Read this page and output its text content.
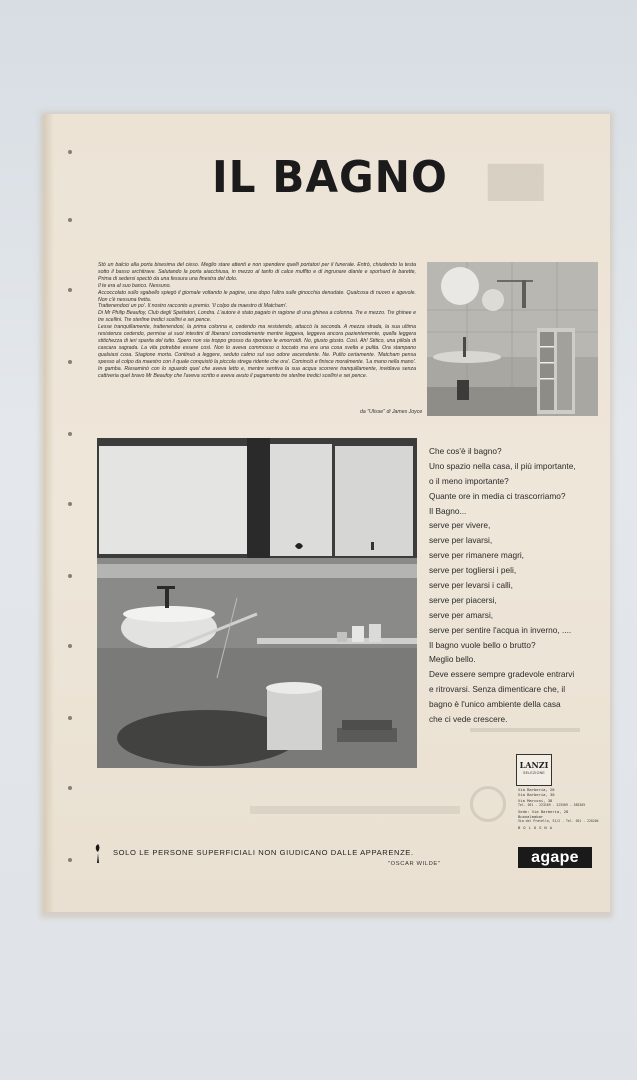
▇▇
IL BAGNO

Stò un balcio alla porta bisesima del cieso. Meglio stare attenti e non spendere quelli portatori per il funerale. Entrò, chiudendo la testa sotto il basso architrave. Salutando la porta aiacchiusa, in mezzo al tanfo di calce muffito e di ingrunare diante e sporhard le barette, Prima di sedersi spectò da una fessura una finestra del dolo.

Il te era al suo banco. Nessuno.

Accoccolato sullo sgabello spiegò il giornale voltando le pagine, una dopo l'altra sulle ginocchia denudate. Qualcosa di nuovo e agevole. Non c'è nessuna fretta.

Trattenendoci un po'. Il nostro racconto a premio. 'Il colpo da maestro di Matcham'.

Di Mr Philip Beaufoy, Club degli Spettatori, Londra. L'autore è stato pagato in ragione di una ghinea a colonna. Tre e mezzo. Tre ghinee e tre scellini. Tre sterline tredici scellini e sei pence.

Lesse tranquillamente, trattenendosi, la prima colonna e, cedendo ma resistendo, attaccò la seconda. A mezza strada, la sua ultima resistenza cedendo, permise ai suoi intestini di liberarsi comodamente mentre leggeva, leggeva ancora pazientemente, quella leggera stitichezza di ieri sparita del tutto. Spero non sia troppo grosso da riportare le emorroidi. No, giusto giusto. Così. Ah! Stitico, una pillola di cascara sagrada. La vita potrebbe essere così. Non lo aveva commosso o toccato ma era una cosa svelta e pulita. Ora stampano qualsiasi cosa. Stagione morta. Continuò a leggere, seduto calmo sul suo odore ascendente. Ne. Pulito certamente. 'Matcham pensa spesso al colpo da maestro con il quale conquistò la piccola strega ridente che ora'. Cominciò e finisce moralmente. 'La mano nella mano'. In gamba. Riesaminò con lo sguardo quel che aveva letto e, mentre sentiva la sua acqua scorrere tranquillamente, invidiava senza cattiveria quel bravo Mr Beaufoy che l'aveva scritto e aveva avuto il pagamento tre sterline tredici scellini e sei pence.

da "Ulisse" di James Joyce
Che cos'è il bagno?
Uno spazio nella casa, il più importante,
o il meno importante?
Quante ore in media ci trascorriamo?
Il Bagno...
serve per vivere,
serve per lavarsi,
serve per rimanere magri,
serve per togliersi i peli,
serve per levarsi i calli,
serve per piacersi,
serve per amarsi,
serve per sentire l'acqua in inverno, ....
Il bagno vuole bello o brutto?
Meglio bello.
Deve essere sempre gradevole entrarvi
e ritrovarsi. Senza dimenticare che, il
bagno è l'unico ambiente della casa
che ci vede crescere.
LANZI
SELEZIONE
Via Barberia, 28
Via Barberia, 30
Via Marconi, 38
Tel. 051 - 223169 - 225509 - 585365
Sede: Via Barberia, 28
Buonalmabar
Via del Pratello, 51/2 - Tel. 051 - 220204
BOLOGNA
SOLO LE PERSONE SUPERFICIALI NON GIUDICANO DALLE APPARENZE.
"OSCAR WILDE"	agape
